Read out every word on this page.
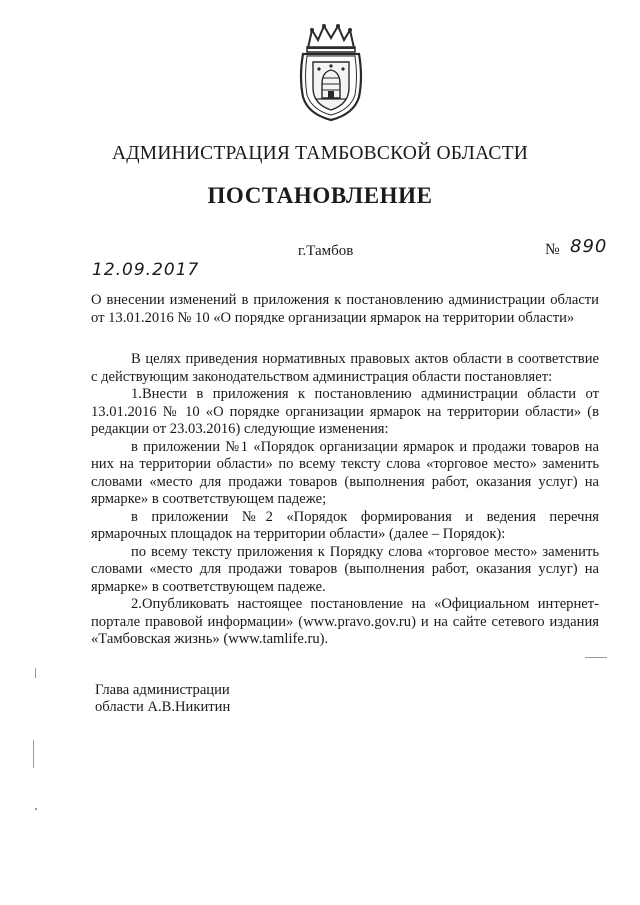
АДМИНИСТРАЦИЯ ТАМБОВСКОЙ ОБЛАСТИ
ПОСТАНОВЛЕНИЕ
12.09.2017
г.Тамбов	№ 890

О внесении изменений в приложения к постановлению администрации области от 13.01.2016 № 10 «О порядке организации ярмарок на территории области»

В целях приведения нормативных правовых актов области в соответствие с действующим законодательством администрация области постановляет:

1.Внести в приложения к постановлению администрации области от 13.01.2016 № 10 «О порядке организации ярмарок на территории области» (в редакции от 23.03.2016) следующие изменения:

в приложении №1 «Порядок организации ярмарок и продажи товаров на них на территории области» по всему тексту слова «торговое место» заменить словами «место для продажи товаров (выполнения работ, оказания услуг) на ярмарке» в соответствующем падеже;

в приложении №2 «Порядок формирования и ведения перечня ярмарочных площадок на территории области» (далее – Порядок):

по всему тексту приложения к Порядку слова «торговое место» заменить словами «место для продажи товаров (выполнения работ, оказания услуг) на ярмарке» в соответствующем падеже.

2.Опубликовать настоящее постановление на «Официальном интернет-портале правовой информации» (www.pravo.gov.ru) и на сайте сетевого издания «Тамбовская жизнь» (www.tamlife.ru).

Глава администрации
области А.В.Никитин
